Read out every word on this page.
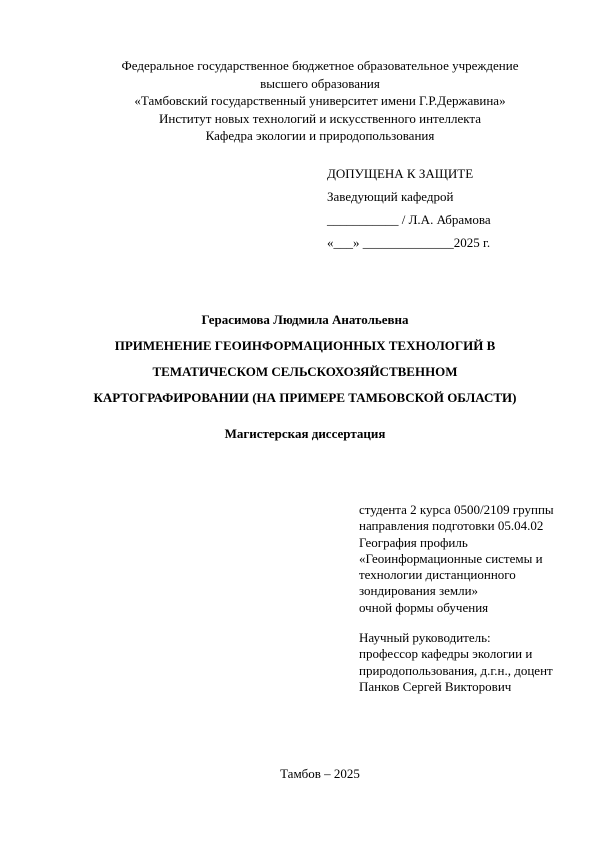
Федеральное государственное бюджетное образовательное учреждение
высшего образования
«Тамбовский государственный университет имени Г.Р.Державина»
Институт новых технологий и искусственного интеллекта
Кафедра экологии и природопользования
ДОПУЩЕНА К ЗАЩИТЕ
Заведующий кафедрой
___________ / Л.А. Абрамова
«___» ______________2025 г.
Герасимова Людмила Анатольевна
ПРИМЕНЕНИЕ ГЕОИНФОРМАЦИОННЫХ ТЕХНОЛОГИЙ В
ТЕМАТИЧЕСКОМ СЕЛЬСКОХОЗЯЙСТВЕННОМ
КАРТОГРАФИРОВАНИИ (НА ПРИМЕРЕ ТАМБОВСКОЙ ОБЛАСТИ)
Магистерская диссертация
студента 2 курса 0500/2109 группы
направления подготовки 05.04.02
География профиль
«Геоинформационные системы и
технологии дистанционного
зондирования земли»
очной формы обучения
Научный руководитель:
профессор кафедры экологии и
природопользования, д.г.н., доцент
Панков Сергей Викторович
Тамбов – 2025
